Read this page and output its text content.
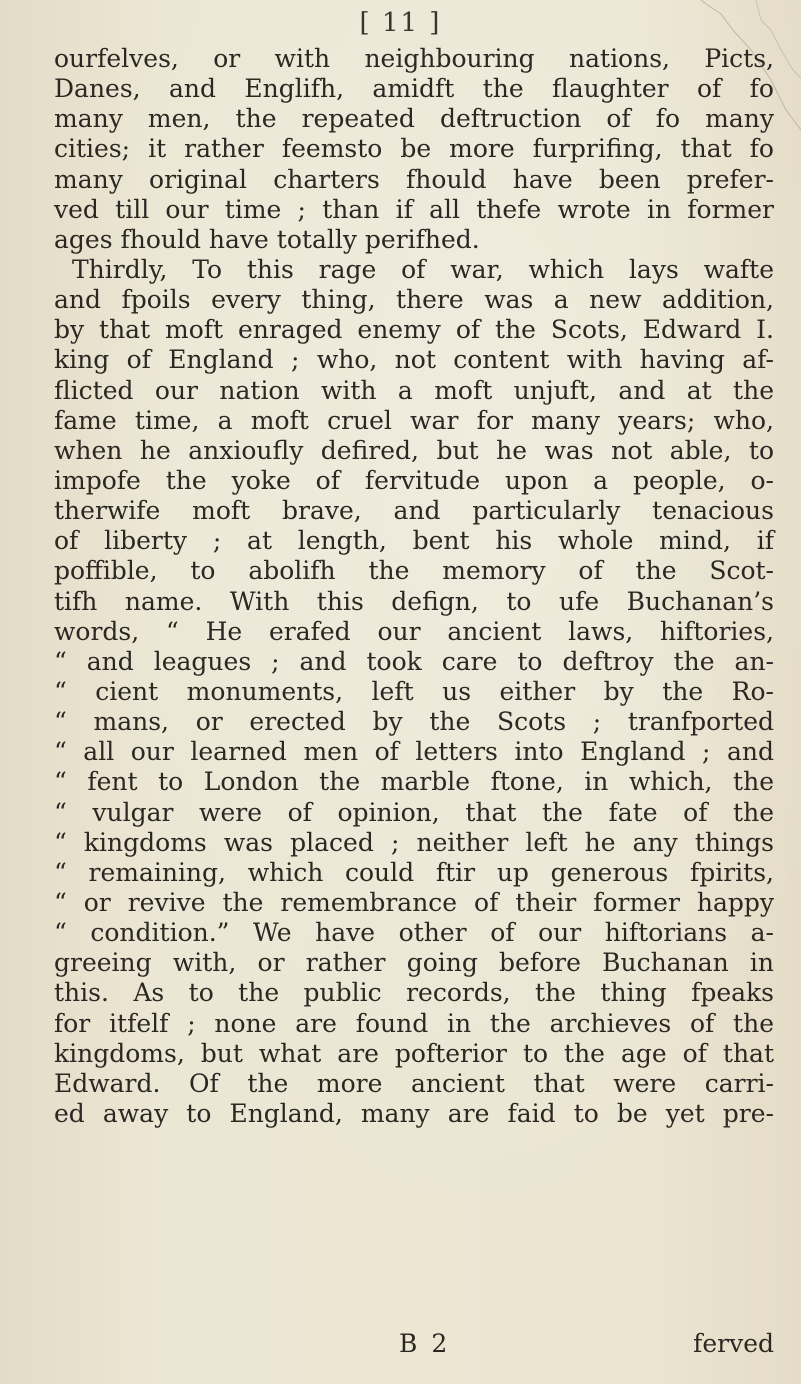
[ 11 ]
ourfelves, or with neighbouring nations, Picts,
Danes, and Englifh, amidft the flaughter of fo
many men, the repeated deftruction of fo many
cities; it rather feemsto be more furprifing, that fo
many original charters fhould have been prefer-
ved till our time ; than if all thefe wrote in former
ages fhould have totally perifhed.
Thirdly, To this rage of war, which lays wafte
and fpoils every thing, there was a new addition,
by that moft enraged enemy of the Scots, Edward I.
king of England ; who, not content with having af-
flicted our nation with a moft unjuft, and at the
fame time, a moft cruel war for many years; who,
when he anxioufly defired, but he was not able, to
impofe the yoke of fervitude upon a people, o-
therwife moft brave, and particularly tenacious
of liberty ; at length, bent his whole mind, if
poffible, to abolifh the memory of the Scot-
tifh name. With this defign, to ufe Buchanan’s
words, “ He erafed our ancient laws, hiftories,
“ and leagues ; and took care to deftroy the an-
“ cient monuments, left us either by the Ro-
“ mans, or erected by the Scots ; tranfported
“ all our learned men of letters into England ; and
“ fent to London the marble ftone, in which, the
“ vulgar were of opinion, that the fate of the
“ kingdoms was placed ; neither left he any things
“ remaining, which could ftir up generous fpirits,
“ or revive the remembrance of their former happy
“ condition.” We have other of our hiftorians a-
greeing with, or rather going before Buchanan in
this. As to the public records, the thing fpeaks
for itfelf ; none are found in the archieves of the
kingdoms, but what are pofterior to the age of that
Edward. Of the more ancient that were carri-
ed away to England, many are faid to be yet pre-
B 2	ferved
